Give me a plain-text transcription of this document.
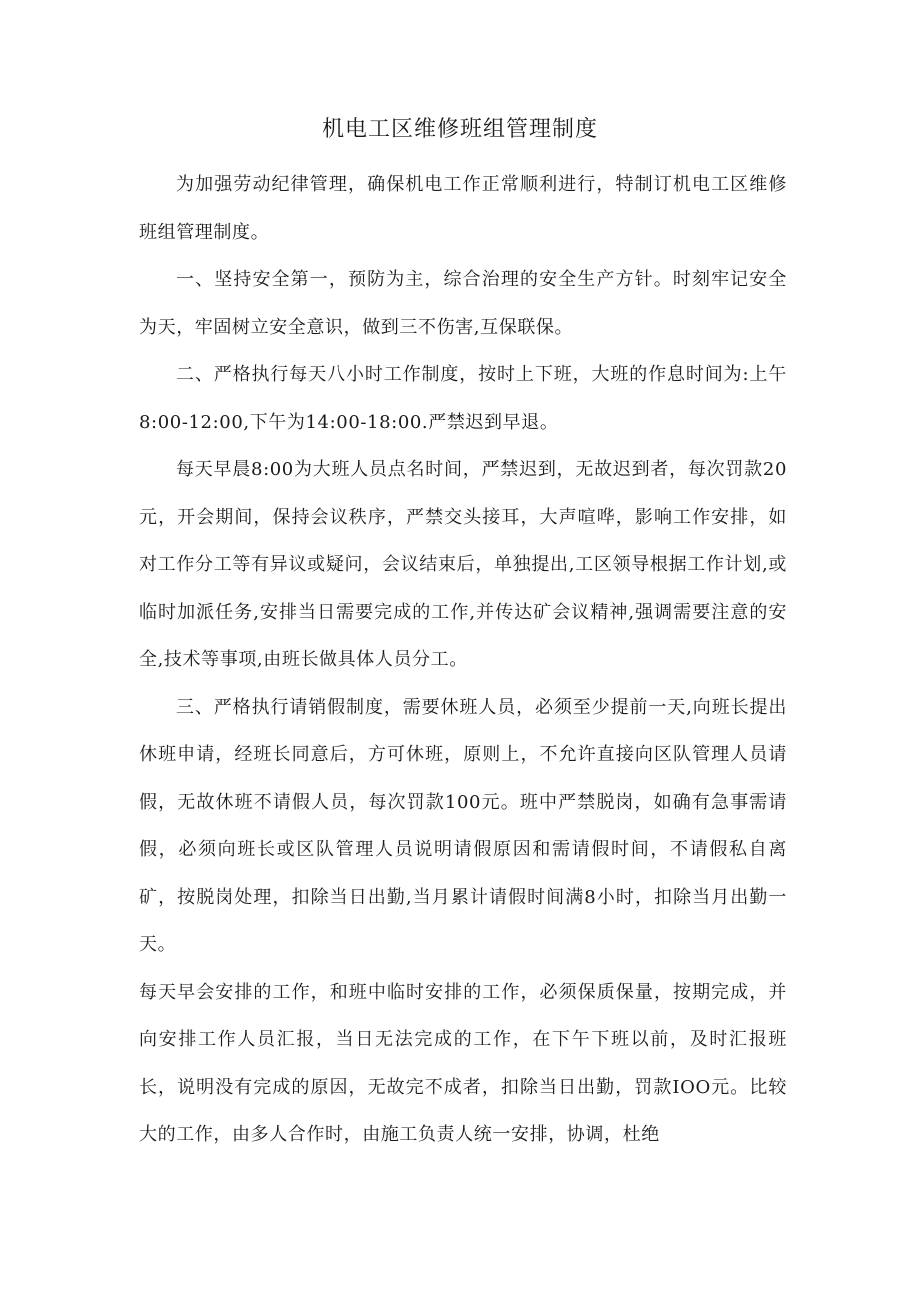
机电工区维修班组管理制度

为加强劳动纪律管理，确保机电工作正常顺利进行，特制订机电工区维修班组管理制度。

一、坚持安全第一，预防为主，综合治理的安全生产方针。时刻牢记安全为天，牢固树立安全意识，做到三不伤害,互保联保。

二、严格执行每天八小时工作制度，按时上下班，大班的作息时间为:上午8:00-12:00,下午为14:00-18:00.严禁迟到早退。

每天早晨8:00为大班人员点名时间，严禁迟到，无故迟到者，每次罚款20元，开会期间，保持会议秩序，严禁交头接耳，大声喧哗，影响工作安排，如对工作分工等有异议或疑问，会议结束后，单独提出,工区领导根据工作计划,或临时加派任务,安排当日需要完成的工作,并传达矿会议精神,强调需要注意的安全,技术等事项,由班长做具体人员分工。

三、严格执行请销假制度，需要休班人员，必须至少提前一天,向班长提出休班申请，经班长同意后，方可休班，原则上，不允许直接向区队管理人员请假，无故休班不请假人员，每次罚款100元。班中严禁脱岗，如确有急事需请假，必须向班长或区队管理人员说明请假原因和需请假时间，不请假私自离矿，按脱岗处理，扣除当日出勤,当月累计请假时间满8小时，扣除当月出勤一天。

每天早会安排的工作，和班中临时安排的工作，必须保质保量，按期完成，并向安排工作人员汇报，当日无法完成的工作，在下午下班以前，及时汇报班长，说明没有完成的原因，无故完不成者，扣除当日出勤，罚款IOO元。比较大的工作，由多人合作时，由施工负责人统一安排，协调，杜绝
